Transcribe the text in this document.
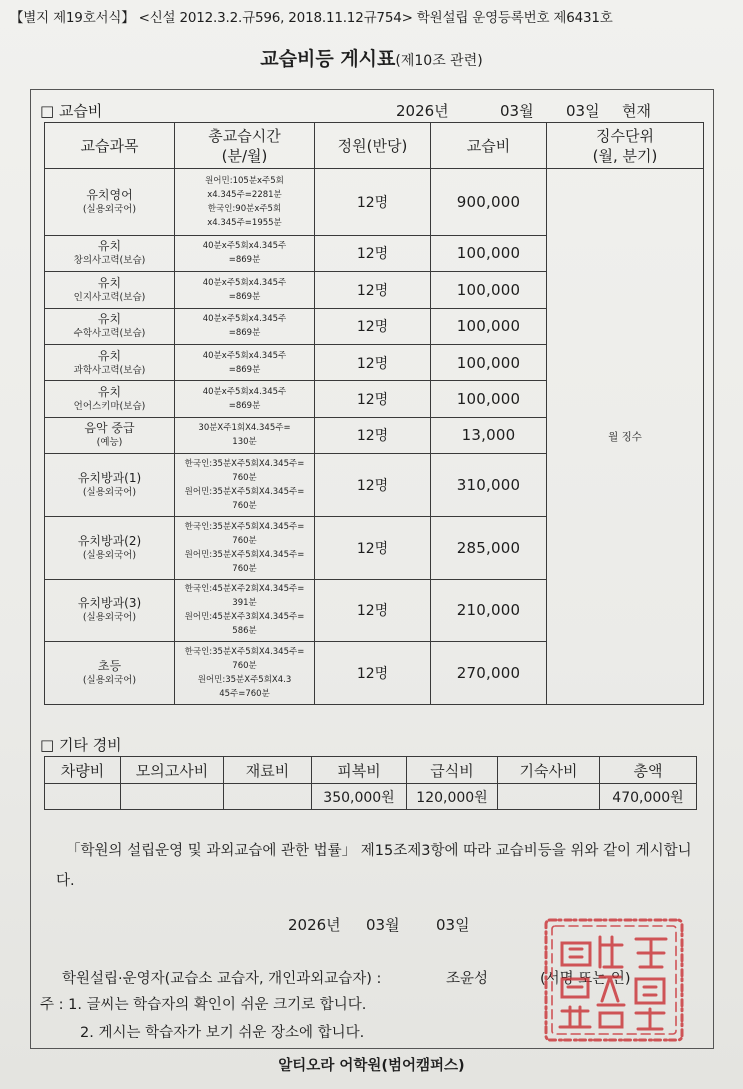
【별지 제19호서식】 <신설 2012.3.2.규596, 2018.11.12규754> 학원설립 운영등록번호 제6431호
교습비등 게시표(제10조 관련)
□ 교습비	2026년	03월 03일 현재
교습과목	총교습시간
(분/월)	정원(반당)	교습비	징수단위
(월, 분기)

유치영어
(실용외국어)	원어민:105분x주5회
x4.345주=2281분
한국인:90분x주5회
x4.345주=1955분	12명	900,000	월 징수

유치
창의사고력(보습)	40분x주5회x4.345주
=869분	12명	100,000	

유치
인지사고력(보습)	40분x주5회x4.345주
=869분	12명	100,000	

유치
수학사고력(보습)	40분x주5회x4.345주
=869분	12명	100,000	

유치
과학사고력(보습)	40분x주5회x4.345주
=869분	12명	100,000	

유치
언어스키마(보습)	40분x주5회x4.345주
=869분	12명	100,000	

음악 중급
(예능)	30분X주1회X4.345주=
130분	12명	13,000	

유치방과(1)
(실용외국어)	한국인:35분X주5회X4.345주=
760분
원어민:35분X주5회X4.345주=
760분	12명	310,000	

유치방과(2)
(실용외국어)	한국인:35분X주5회X4.345주=
760분
원어민:35분X주5회X4.345주=
760분	12명	285,000	

유치방과(3)
(실용외국어)	한국인:45분X주2회X4.345주=
391분
원어민:45분X주3회X4.345주=
586분	12명	210,000	

초등
(실용외국어)	한국인:35분X주5회X4.345주=
760분
원어민:35분X주5회X4.3
45주=760분	12명	270,000	
□ 기타 경비
차량비	모의고사비	재료비	피복비	급식비	기숙사비	총액
			350,000원	120,000원		470,000원
「학원의 설립운영 및 과외교습에 관한 법률」 제15조제3항에 따라 교습비등을 위와 같이 게시합니다.
2026년 03월 03일
학원설립·운영자(교습소 교습자, 개인과외교습자) :	조윤성	(서명 또는 인)
주 : 1. 글씨는 학습자의 확인이 쉬운 크기로 합니다.
2. 게시는 학습자가 보기 쉬운 장소에 합니다.
알티오라 어학원(범어캠퍼스)
